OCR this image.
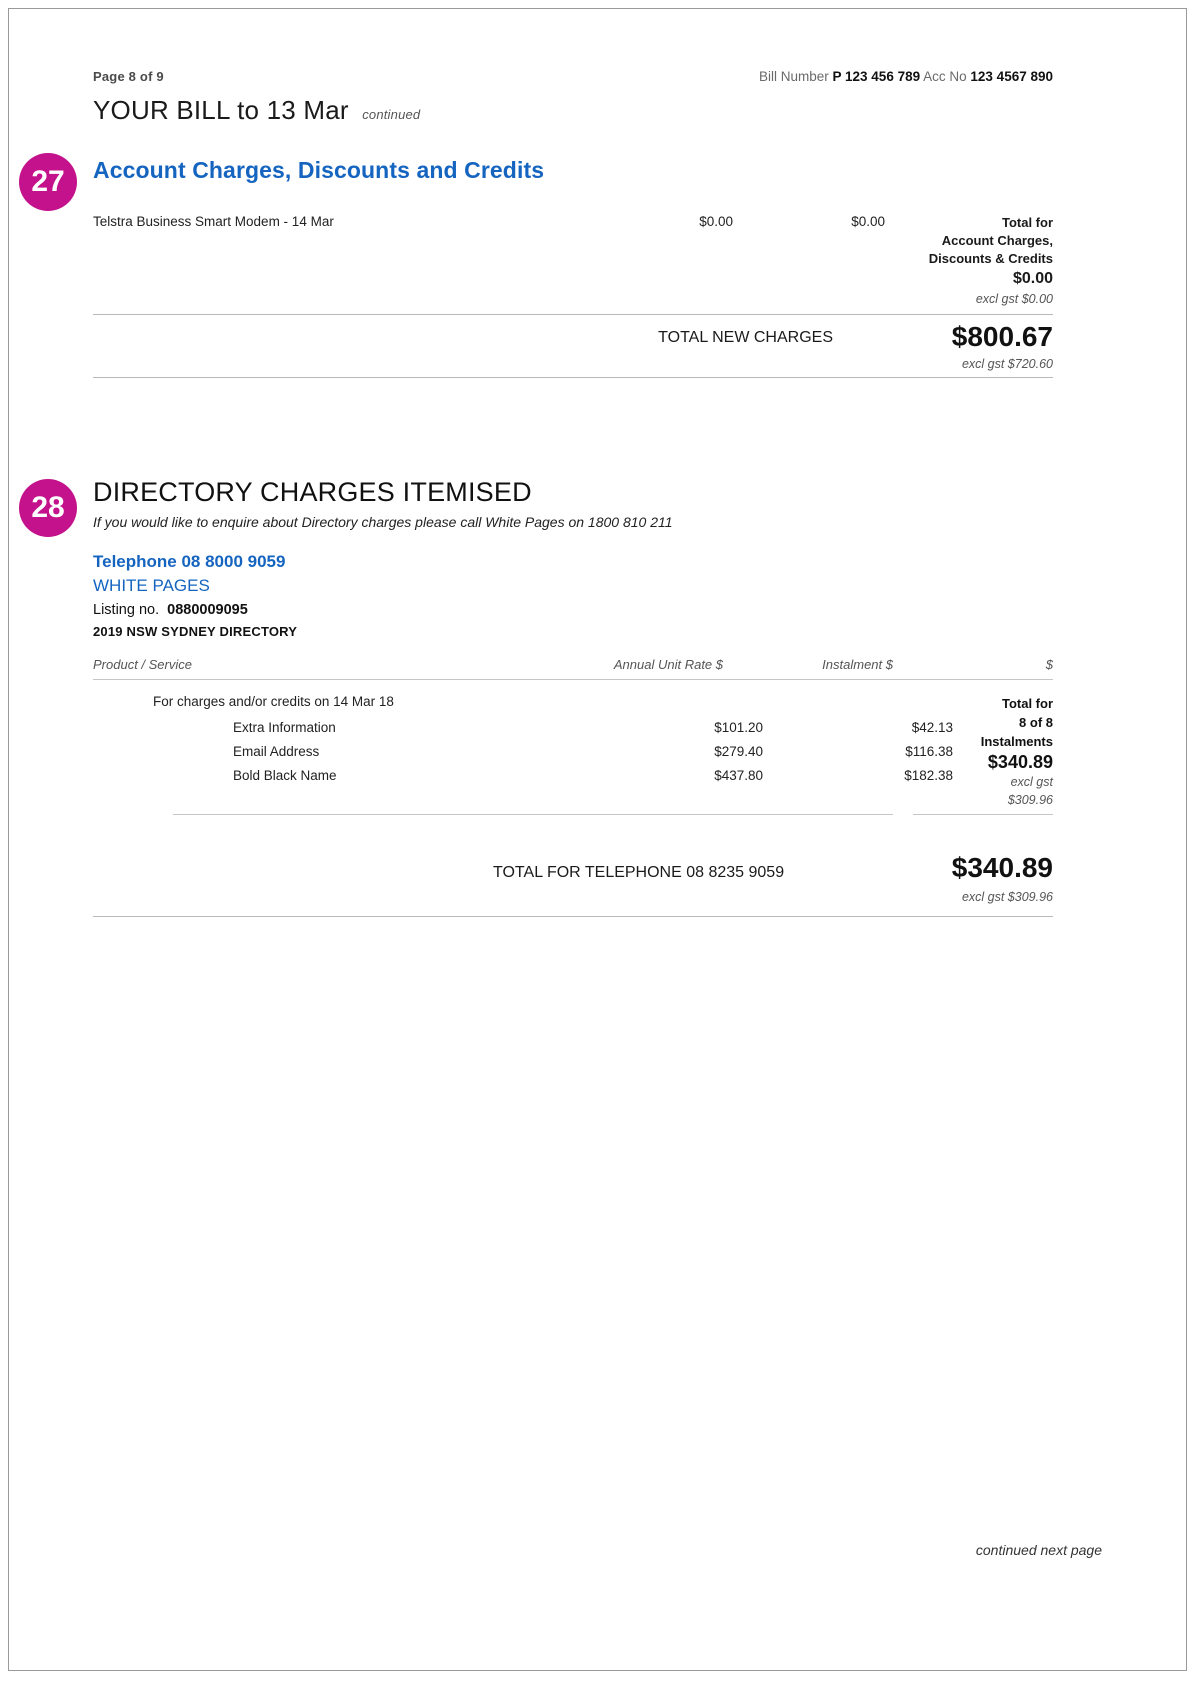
Page 8 of 9	Bill Number P 123 456 789 Acc No 123 4567 890
YOUR BILL to 13 Mar continued
27	Account Charges, Discounts and Credits
Telstra Business Smart Modem - 14 Mar	$0.00	$0.00	Total for
Account Charges,
Discounts & Credits
$0.00
excl gst $0.00
TOTAL NEW CHARGES	$800.67
excl gst $720.60
28	DIRECTORY CHARGES ITEMISED
If you would like to enquire about Directory charges please call White Pages on 1800 810 211
Telephone 08 8000 9059
WHITE PAGES
Listing no. 0880009095
2019 NSW SYDNEY DIRECTORY
Product / Service	Annual Unit Rate $	Instalment $	$
For charges and/or credits on 14 Mar 18
Extra Information	$101.20	$42.13
Email Address	$279.40	$116.38
Bold Black Name	$437.80	$182.38
Total for
8 of 8
Instalments
$340.89
excl gst
$309.96
TOTAL FOR TELEPHONE 08 8235 9059	$340.89
excl gst $309.96
continued next page
